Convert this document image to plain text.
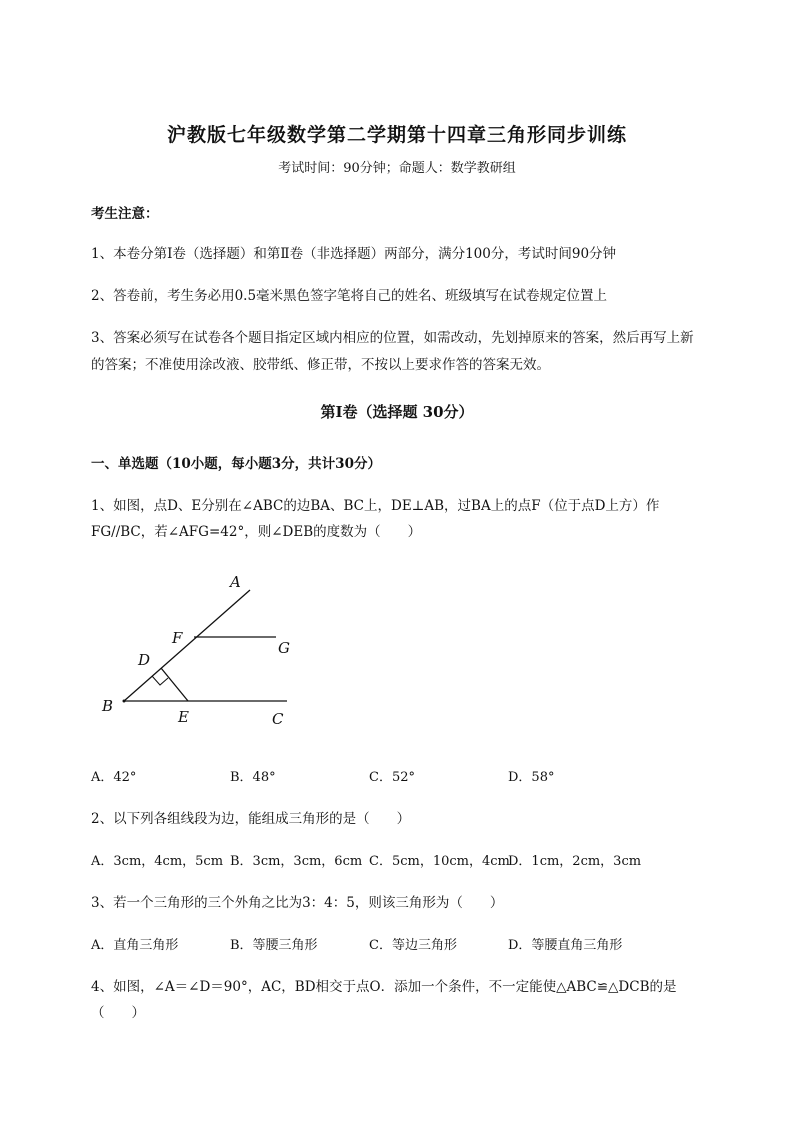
沪教版七年级数学第二学期第十四章三角形同步训练
考试时间：90分钟；命题人：数学教研组
考生注意：
1、本卷分第I卷（选择题）和第Ⅱ卷（非选择题）两部分，满分100分，考试时间90分钟
2、答卷前，考生务必用0.5毫米黑色签字笔将自己的姓名、班级填写在试卷规定位置上
3、答案必须写在试卷各个题目指定区域内相应的位置，如需改动，先划掉原来的答案，然后再写上新
的答案；不准使用涂改液、胶带纸、修正带，不按以上要求作答的答案无效。
第I卷（选择题 30分）
一、单选题（10小题，每小题3分，共计30分）
1、如图，点D、E分别在∠ABC的边BA、BC上，DE⊥AB，过BA上的点F（位于点D上方）作
FG//BC，若∠AFG=42°，则∠DEB的度数为（　　）
A
F
G
D
B
E	C
A．42°	B．48°	C．52°	D．58°
2、以下列各组线段为边，能组成三角形的是（　　）
A．3cm，4cm，5cm B．3cm，3cm，6cm C．5cm，10cm，4cm
D．1cm，2cm，3cm
3、若一个三角形的三个外角之比为3：4：5，则该三角形为（　　）
A．直角三角形	B．等腰三角形	C．等边三角形	D．等腰直角三角形
4、如图，∠A＝∠D＝90°，AC，BD相交于点O．添加一个条件，不一定能使△ABC≌△DCB的是
（　　）
